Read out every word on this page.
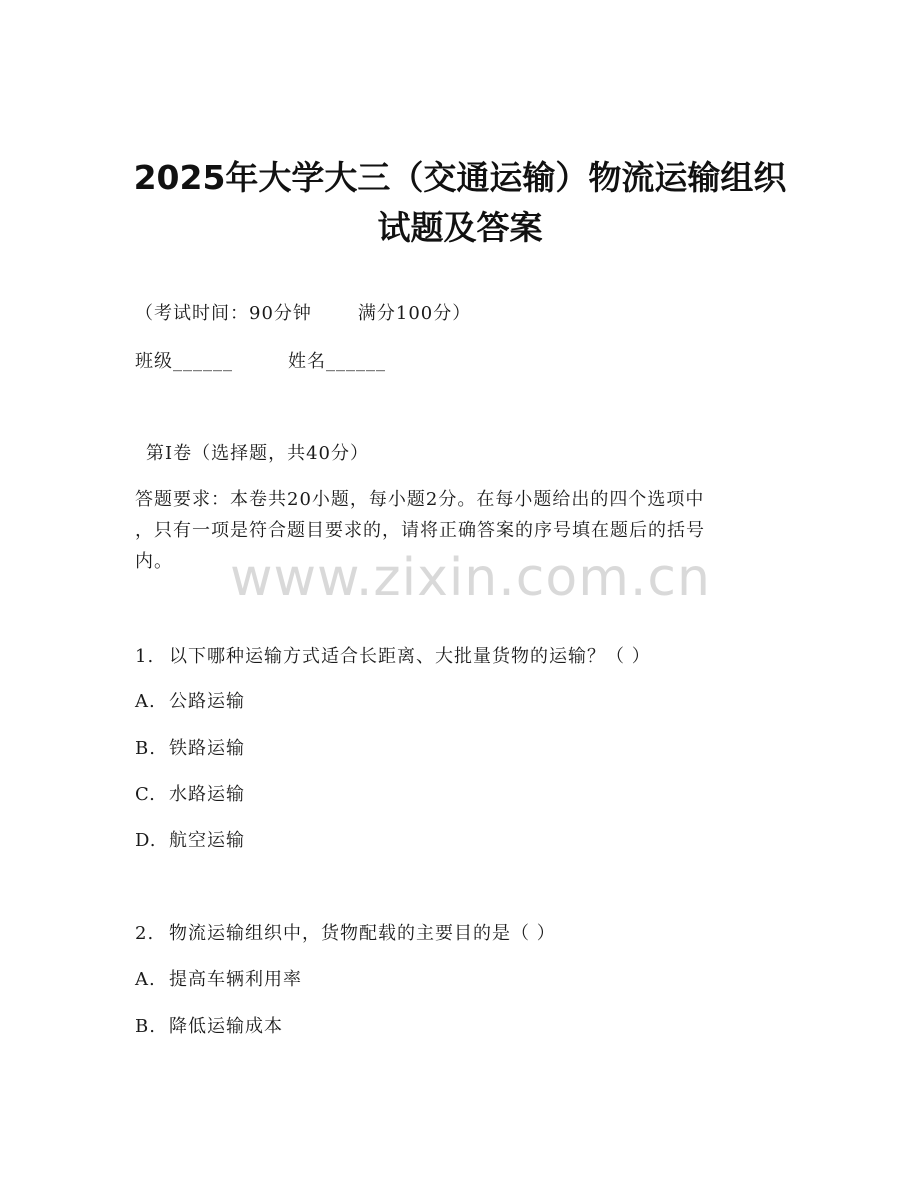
2025年大学大三（交通运输）物流运输组织
试题及答案
（考试时间：90分钟	满分100分）
班级______	姓名______
第I卷（选择题，共40分）
答题要求：本卷共20小题，每小题2分。在每小题给出的四个选项中
，只有一项是符合题目要求的，请将正确答案的序号填在题后的括号
内。 www.zixin.com.cn
1. 以下哪种运输方式适合长距离、大批量货物的运输？（ ）
A. 公路运输
B. 铁路运输
C. 水路运输
D. 航空运输
2. 物流运输组织中，货物配载的主要目的是（ ）
A. 提高车辆利用率
B. 降低运输成本
